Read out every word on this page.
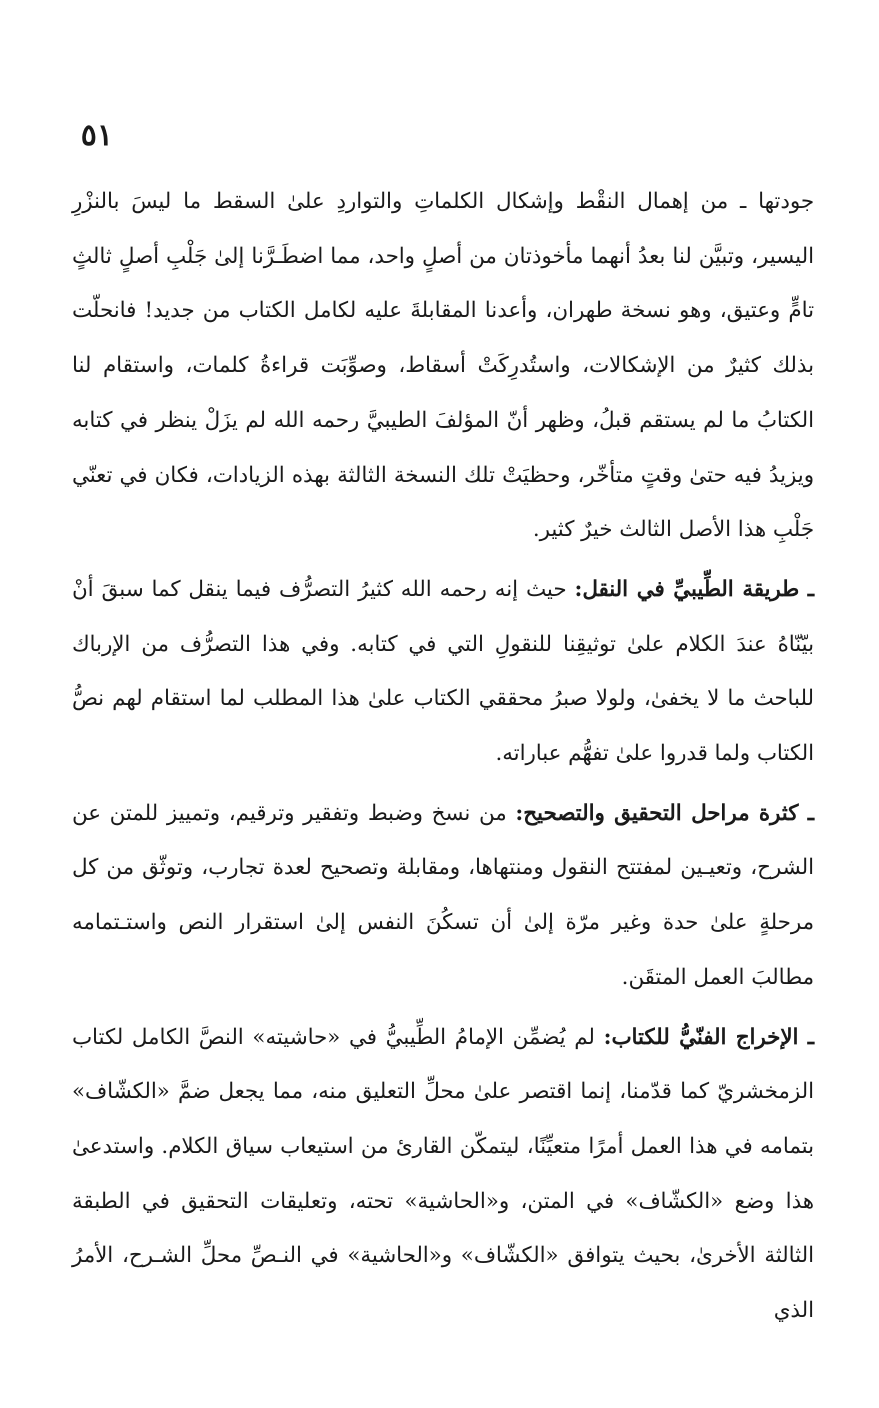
٥١

جودتها ـ من إهمال النقْط وإشكال الكلماتِ والتواردِ علىٰ السقط ما ليسَ بالنزْرِ اليسير، وتبيَّن لنا بعدُ أنهما مأخوذتان من أصلٍ واحد، مما اضطَـرَّنا إلىٰ جَلْبِ أصلٍ ثالثٍ تامٍّ وعتيق، وهو نسخة طهران، وأعدنا المقابلةَ عليه لكامل الكتاب من جديد! فانحلّت بذلك كثيرٌ من الإشكالات، واستُدرِكَتْ أسقاط، وصوِّبَت قراءةُ كلمات، واستقام لنا الكتابُ ما لم يستقم قبلُ، وظهر أنّ المؤلفَ الطيبيَّ رحمه الله لم يزَلْ ينظر في كتابه ويزيدُ فيه حتىٰ وقتٍ متأخّر، وحظيَتْ تلك النسخة الثالثة بهذه الزيادات، فكان في تعنّي جَلْبِ هذا الأصل الثالث خيرٌ كثير.

ـ طريقة الطِّيبيِّ في النقل: حيث إنه رحمه الله كثيرُ التصرُّف فيما ينقل كما سبقَ أنْ بيّنّاهُ عندَ الكلام علىٰ توثيقِنا للنقولِ التي في كتابه. وفي هذا التصرُّف من الإرباك للباحث ما لا يخفىٰ، ولولا صبرُ محققي الكتاب علىٰ هذا المطلب لما استقام لهم نصُّ الكتاب ولما قدروا علىٰ تفهُّم عباراته.

ـ كثرة مراحل التحقيق والتصحيح: من نسخ وضبط وتفقير وترقيم، وتمييز للمتن عن الشرح، وتعيـين لمفتتح النقول ومنتهاها، ومقابلة وتصحيح لعدة تجارب، وتوثّق من كل مرحلةٍ علىٰ حدة وغير مرّة إلىٰ أن تسكُنَ النفس إلىٰ استقرار النص واستـتمامه مطالبَ العمل المتقَن.

ـ الإخراج الفنّيُّ للكتاب: لم يُضمِّن الإمامُ الطِّيبيُّ في «حاشيته» النصَّ الكامل لكتاب الزمخشريّ كما قدّمنا، إنما اقتصر علىٰ محلِّ التعليق منه، مما يجعل ضمَّ «الكشّاف» بتمامه في هذا العمل أمرًا متعيِّنًا، ليتمكّن القارئ من استيعاب سياق الكلام. واستدعىٰ هذا وضع «الكشّاف» في المتن، و«الحاشية» تحته، وتعليقات التحقيق في الطبقة الثالثة الأخرىٰ، بحيث يتوافق «الكشّاف» و«الحاشية» في النـصِّ محلِّ الشـرح، الأمرُ الذي
